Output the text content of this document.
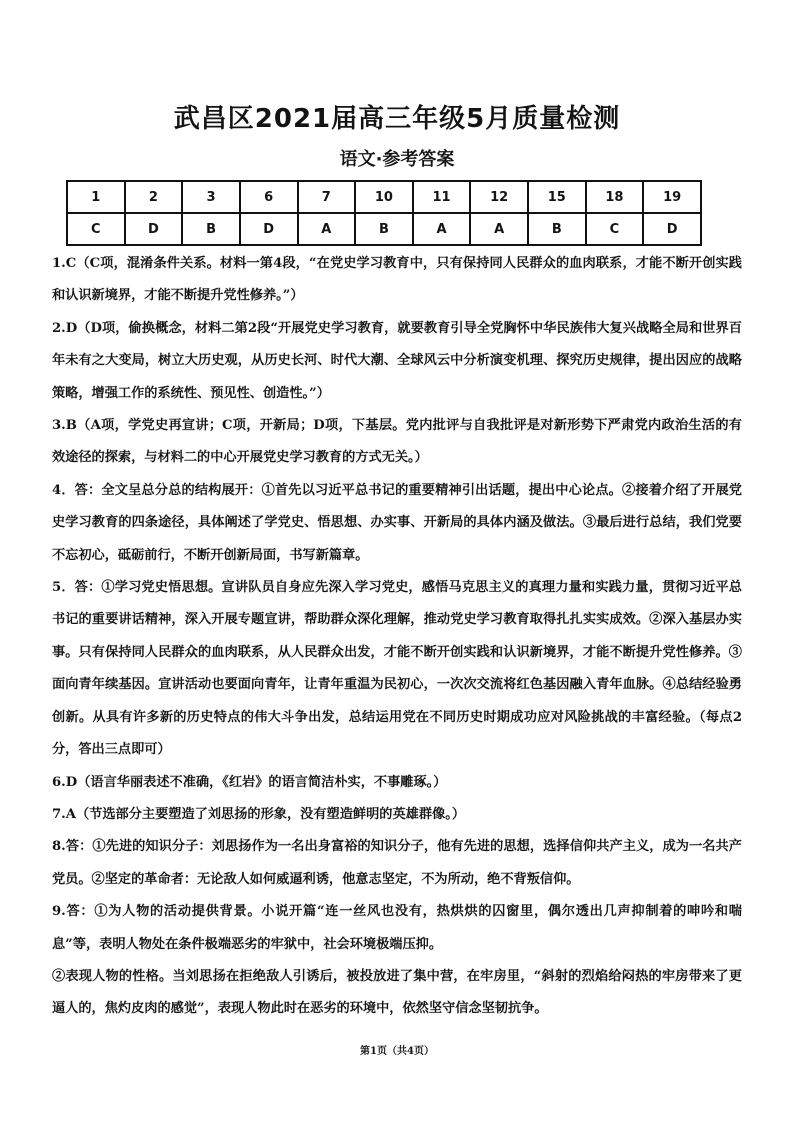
武昌区2021届高三年级5月质量检测
语文·参考答案
1	2	3	6	7	10	11	12	15	18	19
C	D	B	D	A	B	A	A	B	C	D

1.C（C项，混淆条件关系。材料一第4段，“在党史学习教育中，只有保持同人民群众的血肉联系，才能不断开创实践和认识新境界，才能不断提升党性修养。”）

2.D（D项，偷换概念，材料二第2段“开展党史学习教育，就要教育引导全党胸怀中华民族伟大复兴战略全局和世界百年未有之大变局，树立大历史观，从历史长河、时代大潮、全球风云中分析演变机理、探究历史规律，提出因应的战略策略，增强工作的系统性、预见性、创造性。”）

3.B（A项，学党史再宣讲；C项，开新局；D项，下基层。党内批评与自我批评是对新形势下严肃党内政治生活的有效途径的探索，与材料二的中心开展党史学习教育的方式无关。）

4．答：全文呈总分总的结构展开：①首先以习近平总书记的重要精神引出话题，提出中心论点。②接着介绍了开展党史学习教育的四条途径，具体阐述了学党史、悟思想、办实事、开新局的具体内涵及做法。③最后进行总结，我们党要不忘初心，砥砺前行，不断开创新局面，书写新篇章。

5．答：①学习党史悟思想。宣讲队员自身应先深入学习党史，感悟马克思主义的真理力量和实践力量，贯彻习近平总书记的重要讲话精神，深入开展专题宣讲，帮助群众深化理解，推动党史学习教育取得扎扎实实成效。②深入基层办实事。只有保持同人民群众的血肉联系，从人民群众出发，才能不断开创实践和认识新境界，才能不断提升党性修养。③面向青年续基因。宣讲活动也要面向青年，让青年重温为民初心，一次次交流将红色基因融入青年血脉。④总结经验勇创新。从具有许多新的历史特点的伟大斗争出发，总结运用党在不同历史时期成功应对风险挑战的丰富经验。（每点2分，答出三点即可）

6.D（语言华丽表述不准确，《红岩》的语言简洁朴实，不事雕琢。）

7.A（节选部分主要塑造了刘思扬的形象，没有塑造鲜明的英雄群像。）

8.答：①先进的知识分子：刘思扬作为一名出身富裕的知识分子，他有先进的思想，选择信仰共产主义，成为一名共产党员。②坚定的革命者：无论敌人如何威逼利诱，他意志坚定，不为所动，绝不背叛信仰。

9.答：①为人物的活动提供背景。小说开篇“连一丝风也没有，热烘烘的囚窗里，偶尔透出几声抑制着的呻吟和喘息”等，表明人物处在条件极端恶劣的牢狱中，社会环境极端压抑。

②表现人物的性格。当刘思扬在拒绝敌人引诱后，被投放进了集中营，在牢房里，“斜射的烈焰给闷热的牢房带来了更逼人的，焦灼皮肉的感觉”，表现人物此时在恶劣的环境中，依然坚守信念坚韧抗争。

第1页（共4页）
